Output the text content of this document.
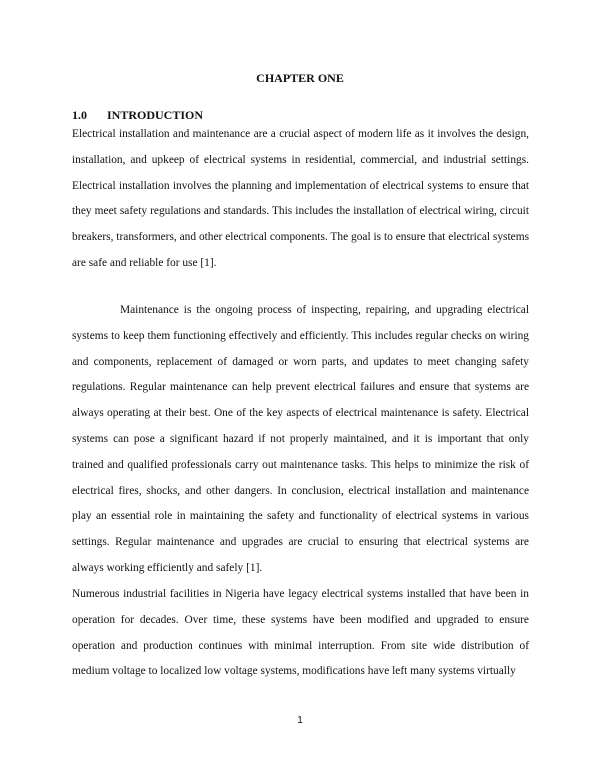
CHAPTER ONE
1.0 INTRODUCTION
Electrical installation and maintenance are a crucial aspect of modern life as it involves the design, installation, and upkeep of electrical systems in residential, commercial, and industrial settings. Electrical installation involves the planning and implementation of electrical systems to ensure that they meet safety regulations and standards. This includes the installation of electrical wiring, circuit breakers, transformers, and other electrical components. The goal is to ensure that electrical systems are safe and reliable for use [1].
Maintenance is the ongoing process of inspecting, repairing, and upgrading electrical systems to keep them functioning effectively and efficiently. This includes regular checks on wiring and components, replacement of damaged or worn parts, and updates to meet changing safety regulations. Regular maintenance can help prevent electrical failures and ensure that systems are always operating at their best. One of the key aspects of electrical maintenance is safety. Electrical systems can pose a significant hazard if not properly maintained, and it is important that only trained and qualified professionals carry out maintenance tasks. This helps to minimize the risk of electrical fires, shocks, and other dangers. In conclusion, electrical installation and maintenance play an essential role in maintaining the safety and functionality of electrical systems in various settings. Regular maintenance and upgrades are crucial to ensuring that electrical systems are always working efficiently and safely [1].
Numerous industrial facilities in Nigeria have legacy electrical systems installed that have been in operation for decades. Over time, these systems have been modified and upgraded to ensure operation and production continues with minimal interruption. From site wide distribution of medium voltage to localized low voltage systems, modifications have left many systems virtually
1
